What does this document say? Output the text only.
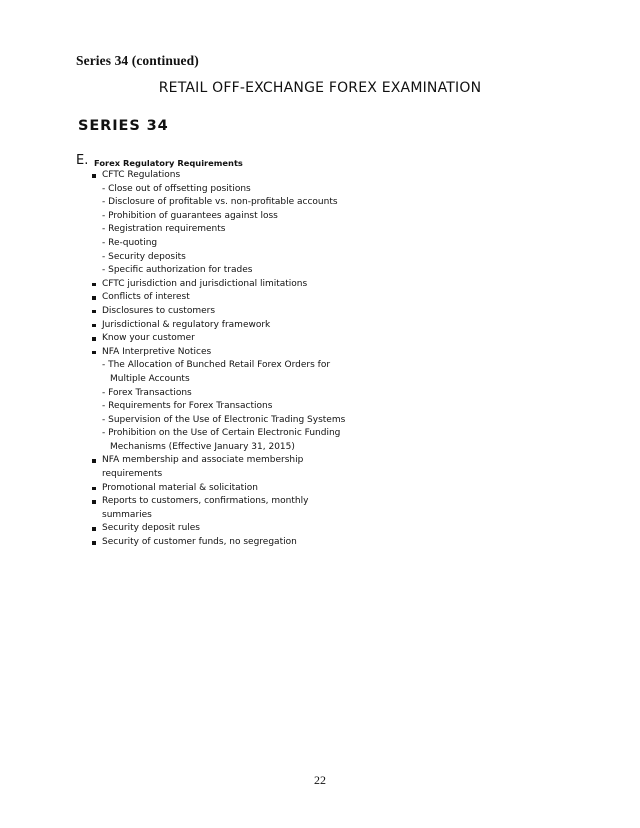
Series 34 (continued)
RETAIL OFF-EXCHANGE FOREX EXAMINATION
SERIES 34
E. Forex Regulatory Requirements
CFTC Regulations
- Close out of offsetting positions
- Disclosure of profitable vs. non-profitable accounts
- Prohibition of guarantees against loss
- Registration requirements
- Re-quoting
- Security deposits
- Specific authorization for trades
CFTC jurisdiction and jurisdictional limitations
Conflicts of interest
Disclosures to customers
Jurisdictional & regulatory framework
Know your customer
NFA Interpretive Notices
- The Allocation of Bunched Retail Forex Orders for
Multiple Accounts
- Forex Transactions
- Requirements for Forex Transactions
- Supervision of the Use of Electronic Trading Systems
- Prohibition on the Use of Certain Electronic Funding
Mechanisms (Effective January 31, 2015)
NFA membership and associate membership
requirements
Promotional material & solicitation
Reports to customers, confirmations, monthly
summaries
Security deposit rules
Security of customer funds, no segregation
22
